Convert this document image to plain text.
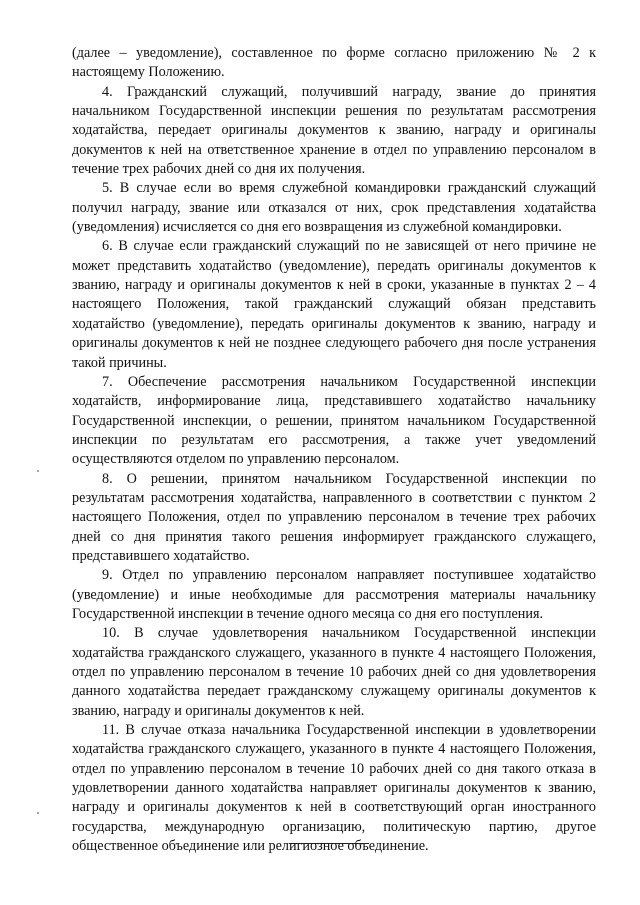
(далее – уведомление), составленное по форме согласно приложению № 2 к настоящему Положению.

4. Гражданский служащий, получивший награду, звание до принятия начальником Государственной инспекции решения по результатам рассмотрения ходатайства, передает оригиналы документов к званию, награду и оригиналы документов к ней на ответственное хранение в отдел по управлению персоналом в течение трех рабочих дней со дня их получения.

5. В случае если во время служебной командировки гражданский служащий получил награду, звание или отказался от них, срок представления ходатайства (уведомления) исчисляется со дня его возвращения из служебной командировки.

6. В случае если гражданский служащий по не зависящей от него причине не может представить ходатайство (уведомление), передать оригиналы документов к званию, награду и оригиналы документов к ней в сроки, указанные в пунктах 2 – 4 настоящего Положения, такой гражданский служащий обязан представить ходатайство (уведомление), передать оригиналы документов к званию, награду и оригиналы документов к ней не позднее следующего рабочего дня после устранения такой причины.

7. Обеспечение рассмотрения начальником Государственной инспекции ходатайств, информирование лица, представившего ходатайство начальнику Государственной инспекции, о решении, принятом начальником Государственной инспекции по результатам его рассмотрения, а также учет уведомлений осуществляются отделом по управлению персоналом.

8. О решении, принятом начальником Государственной инспекции по результатам рассмотрения ходатайства, направленного в соответствии с пунктом 2 настоящего Положения, отдел по управлению персоналом в течение трех рабочих дней со дня принятия такого решения информирует гражданского служащего, представившего ходатайство.

9. Отдел по управлению персоналом направляет поступившее ходатайство (уведомление) и иные необходимые для рассмотрения материалы начальнику Государственной инспекции в течение одного месяца со дня его поступления.

10. В случае удовлетворения начальником Государственной инспекции ходатайства гражданского служащего, указанного в пункте 4 настоящего Положения, отдел по управлению персоналом в течение 10 рабочих дней со дня удовлетворения данного ходатайства передает гражданскому служащему оригиналы документов к званию, награду и оригиналы документов к ней.

11. В случае отказа начальника Государственной инспекции в удовлетворении ходатайства гражданского служащего, указанного в пункте 4 настоящего Положения, отдел по управлению персоналом в течение 10 рабочих дней со дня такого отказа в удовлетворении данного ходатайства направляет оригиналы документов к званию, награду и оригиналы документов к ней в соответствующий орган иностранного государства, международную организацию, политическую партию, другое общественное объединение или религиозное объединение.
